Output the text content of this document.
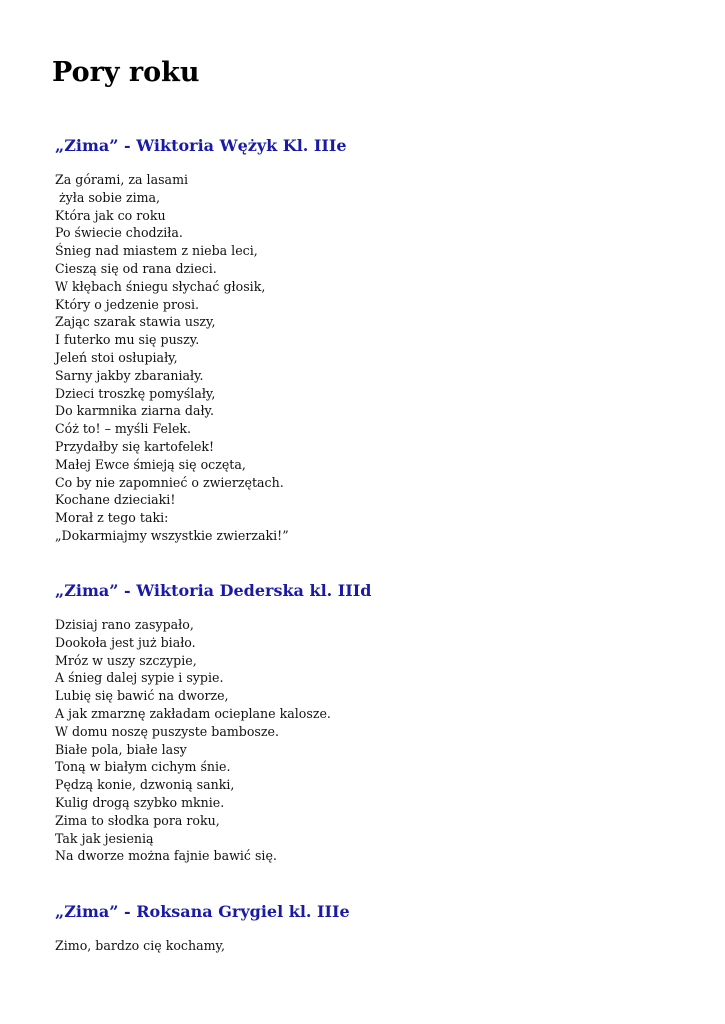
Pory roku
„Zima” - Wiktoria Wężyk Kl. IIIe
Za górami, za lasami
żyła sobie zima,
Która jak co roku
Po świecie chodziła.
Śnieg nad miastem z nieba leci,
Cieszą się od rana dzieci.
W kłębach śniegu słychać głosik,
Który o jedzenie prosi.
Zając szarak stawia uszy,
I futerko mu się puszy.
Jeleń stoi osłupiały,
Sarny jakby zbaraniały.
Dzieci troszkę pomyślały,
Do karmnika ziarna dały.
Cóż to! – myśli Felek.
Przydałby się kartofelek!
Małej Ewce śmieją się oczęta,
Co by nie zapomnieć o zwierzętach.
Kochane dzieciaki!
Morał z tego taki:
„Dokarmiajmy wszystkie zwierzaki!”
„Zima” - Wiktoria Dederska kl. IIId
Dzisiaj rano zasypało,
Dookoła jest już biało.
Mróz w uszy szczypie,
A śnieg dalej sypie i sypie.
Lubię się bawić na dworze,
A jak zmarznę zakładam ocieplane kalosze.
W domu noszę puszyste bambosze.
Białe pola, białe lasy
Toną w białym cichym śnie.
Pędzą konie, dzwonią sanki,
Kulig drogą szybko mknie.
Zima to słodka pora roku,
Tak jak jesienią
Na dworze można fajnie bawić się.
„Zima” - Roksana Grygiel kl. IIIe
Zimo, bardzo cię kochamy,
